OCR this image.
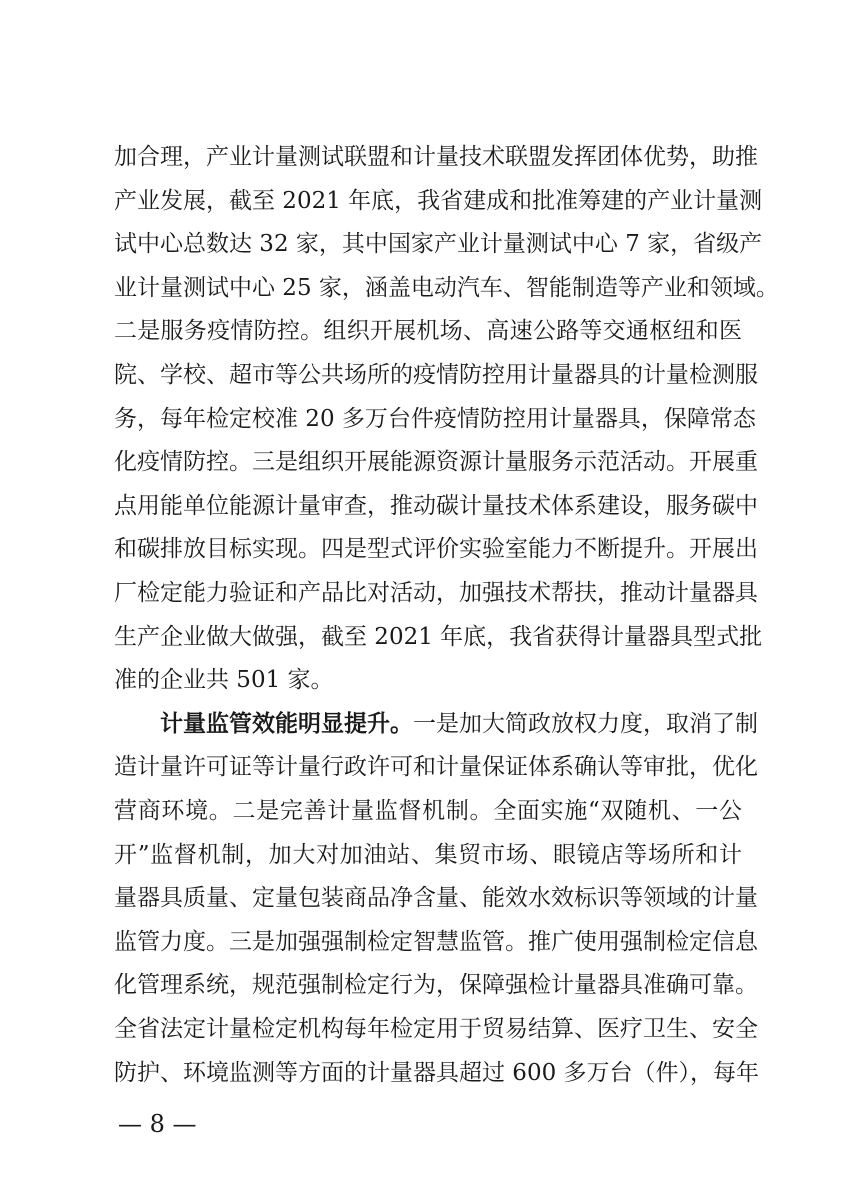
加合理，产业计量测试联盟和计量技术联盟发挥团体优势，助推
产业发展，截至 2021 年底，我省建成和批准筹建的产业计量测
试中心总数达 32 家，其中国家产业计量测试中心 7 家，省级产
业计量测试中心 25 家，涵盖电动汽车、智能制造等产业和领域。
二是服务疫情防控。组织开展机场、高速公路等交通枢纽和医
院、学校、超市等公共场所的疫情防控用计量器具的计量检测服
务，每年检定校准 20 多万台件疫情防控用计量器具，保障常态
化疫情防控。三是组织开展能源资源计量服务示范活动。开展重
点用能单位能源计量审查，推动碳计量技术体系建设，服务碳中
和碳排放目标实现。四是型式评价实验室能力不断提升。开展出
厂检定能力验证和产品比对活动，加强技术帮扶，推动计量器具
生产企业做大做强，截至 2021 年底，我省获得计量器具型式批
准的企业共 501 家。
计量监管效能明显提升。一是加大简政放权力度，取消了制
造计量许可证等计量行政许可和计量保证体系确认等审批，优化
营商环境。二是完善计量监督机制。全面实施“双随机、一公
开”监督机制，加大对加油站、集贸市场、眼镜店等场所和计
量器具质量、定量包装商品净含量、能效水效标识等领域的计量
监管力度。三是加强强制检定智慧监管。推广使用强制检定信息
化管理系统，规范强制检定行为，保障强检计量器具准确可靠。
全省法定计量检定机构每年检定用于贸易结算、医疗卫生、安全
防护、环境监测等方面的计量器具超过 600 多万台（件），每年
— 8 —
